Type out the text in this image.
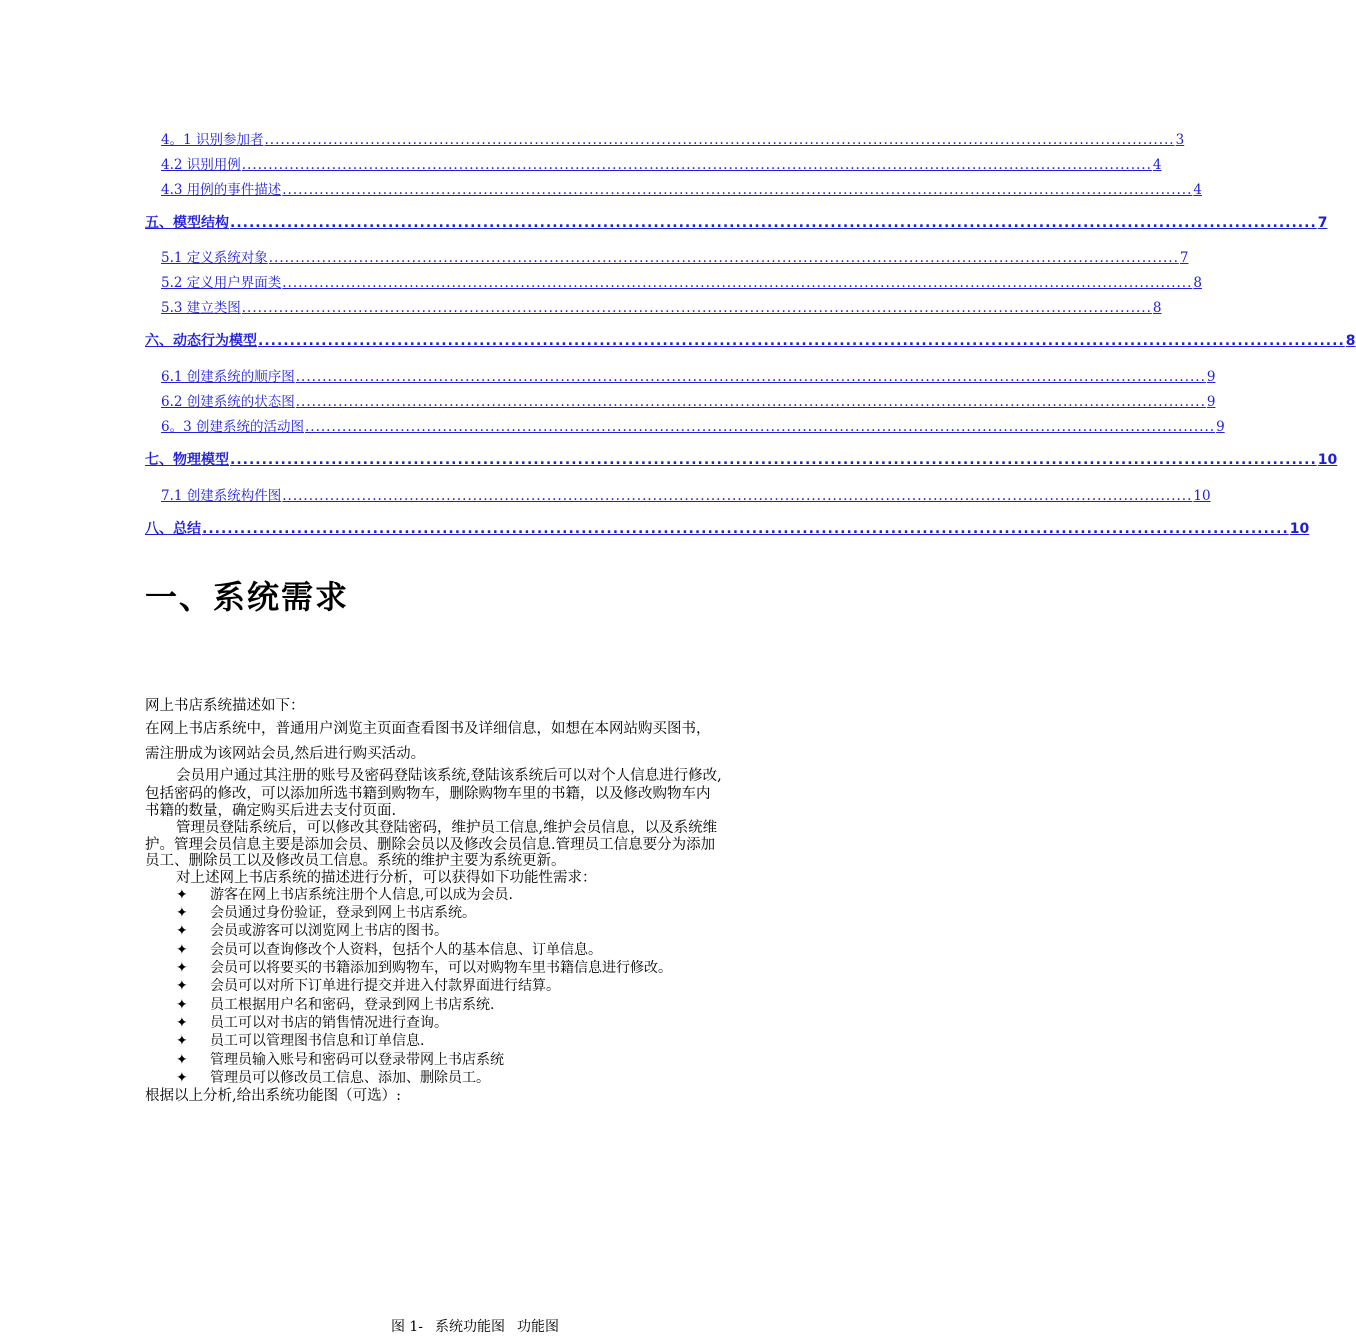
4。1 识别参加者 ............................................................................................................................................................................ 3
4.2 识别用例 ............................................................................................................................................................................ 4
4.3 用例的事件描述 ............................................................................................................................................................................ 4
五、模型结构 ............................................................................................................................................................................ 7
5.1 定义系统对象 ............................................................................................................................................................................ 7
5.2 定义用户界面类 ............................................................................................................................................................................ 8
5.3 建立类图 ............................................................................................................................................................................ 8
六、动态行为模型 ............................................................................................................................................................................ 8
6.1 创建系统的顺序图 ............................................................................................................................................................................ 9
6.2 创建系统的状态图 ............................................................................................................................................................................ 9
6。3 创建系统的活动图 ............................................................................................................................................................................ 9
七、物理模型 ............................................................................................................................................................................ 10
7.1 创建系统构件图 ............................................................................................................................................................................ 10
八、总结 ............................................................................................................................................................................ 10
一、系统需求
网上书店系统描述如下：
在网上书店系统中，普通用户浏览主页面查看图书及详细信息，如想在本网站购买图书，
需注册成为该网站会员,然后进行购买活动。
会员用户通过其注册的账号及密码登陆该系统,登陆该系统后可以对个人信息进行修改,
包括密码的修改，可以添加所选书籍到购物车，删除购物车里的书籍，以及修改购物车内
书籍的数量，确定购买后进去支付页面.
管理员登陆系统后，可以修改其登陆密码，维护员工信息,维护会员信息，以及系统维
护。管理会员信息主要是添加会员、删除会员以及修改会员信息.管理员工信息要分为添加
员工、删除员工以及修改员工信息。系统的维护主要为系统更新。
对上述网上书店系统的描述进行分析，可以获得如下功能性需求：
✦	游客在网上书店系统注册个人信息,可以成为会员.
✦	会员通过身份验证，登录到网上书店系统。
✦	会员或游客可以浏览网上书店的图书。
✦	会员可以查询修改个人资料，包括个人的基本信息、订单信息。
✦	会员可以将要买的书籍添加到购物车，可以对购物车里书籍信息进行修改。
✦	会员可以对所下订单进行提交并进入付款界面进行结算。
✦	员工根据用户名和密码，登录到网上书店系统.
✦	员工可以对书店的销售情况进行查询。
✦	员工可以管理图书信息和订单信息.
✦	管理员输入账号和密码可以登录带网上书店系统
✦	管理员可以修改员工信息、添加、删除员工。
根据以上分析,给出系统功能图（可选）:
图 1- 系统功能图 功能图
